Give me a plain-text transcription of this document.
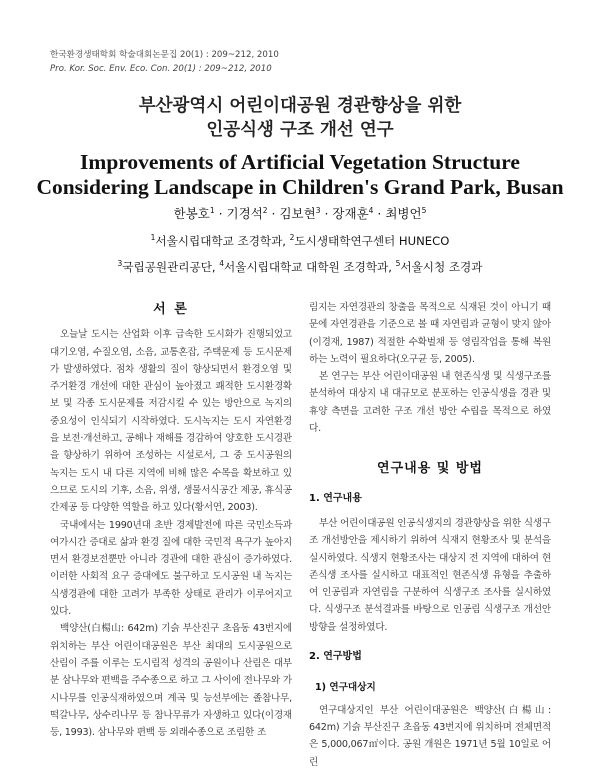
한국환경생태학회 학술대회논문집 20(1) : 209~212, 2010
Pro. Kor. Soc. Env. Eco. Con. 20(1) : 209~212, 2010
부산광역시 어린이대공원 경관향상을 위한
인공식생 구조 개선 연구
Improvements of Artificial Vegetation Structure
Considering Landscape in Children's Grand Park, Busan
한봉호$^1$ · 기경석$^2$ · 김보현$^3$ · 장재훈$^4$ · 최병언$^5$
$^1$서울시립대학교 조경학과, $^2$도시생태학연구센터 HUNECO
$^3$국립공원관리공단, $^4$서울시립대학교 대학원 조경학과, $^5$서울시청 조경과
서 론

오늘날 도시는 산업화 이후 급속한 도시화가 진행되었고 대기오염, 수질오염, 소음, 교통혼잡, 주택문제 등 도시문제가 발생하였다. 점차 생활의 질이 향상되면서 환경오염 및 주거환경 개선에 대한 관심이 높아졌고 쾌적한 도시환경확보 및 각종 도시문제를 저감시킬 수 있는 방안으로 녹지의 중요성이 인식되기 시작하였다. 도시녹지는 도시 자연환경을 보전·개선하고, 공해나 재해를 경감하여 양호한 도시경관을 향상하기 위하여 조성하는 시설로서, 그 중 도시공원의 녹지는 도시 내 다른 지역에 비해 많은 수목을 확보하고 있으므로 도시의 기후, 소음, 위생, 생물서식공간 제공, 휴식공간제공 등 다양한 역할을 하고 있다(황서연, 2003).

국내에서는 1990년대 초반 경제발전에 따른 국민소득과 여가시간 증대로 삶과 환경 질에 대한 국민적 욕구가 높아지면서 환경보전뿐만 아니라 경관에 대한 관심이 증가하였다. 이러한 사회적 요구 증대에도 불구하고 도시공원 내 녹지는 식생경관에 대한 고려가 부족한 상태로 관리가 이루어지고 있다.

백양산(白楊山: 642m) 기슭 부산진구 초읍동 43번지에 위치하는 부산 어린이대공원은 부산 최대의 도시공원으로 산림이 주를 이루는 도시림적 성격의 공원이나 산림은 대부분 삼나무와 편백을 주수종으로 하고 그 사이에 전나무와 가시나무를 인공식재하였으며 계곡 및 능선부에는 졸참나무, 떡갈나무, 상수리나무 등 참나무류가 자생하고 있다(이경재 등, 1993). 삼나무와 편백 등 외래수종으로 조림한 조

림지는 자연경관의 창출을 목적으로 식재된 것이 아니기 때문에 자연경관을 기준으로 볼 때 자연림과 균형이 맞지 않아(이경재, 1987) 적절한 수확벌채 등 영림작업을 통해 복원하는 노력이 필요하다(오구균 등, 2005).

본 연구는 부산 어린이대공원 내 현존식생 및 식생구조를 분석하여 대상지 내 대규모로 분포하는 인공식생을 경관 및 휴양 측면을 고려한 구조 개선 방안 수립을 목적으로 하였다.

연구내용 및 방법
1. 연구내용

부산 어린이대공원 인공식생지의 경관향상을 위한 식생구조 개선방안을 제시하기 위하여 식재지 현황조사 및 분석을 실시하였다. 식생지 현황조사는 대상지 전 지역에 대하여 현존식생 조사를 실시하고 대표적인 현존식생 유형을 추출하여 인공림과 자연림을 구분하여 식생구조 조사를 실시하였다. 식생구조 분석결과를 바탕으로 인공림 식생구조 개선안 방향을 설정하였다.

2. 연구방법
1) 연구대상지

연구대상지인 부산 어린이대공원은 백양산(白楊山: 642m) 기슭 부산진구 초읍동 43번지에 위치하며 전체면적은 5,000,067㎡이다. 공원 개원은 1971년 5월 10일로 어린
